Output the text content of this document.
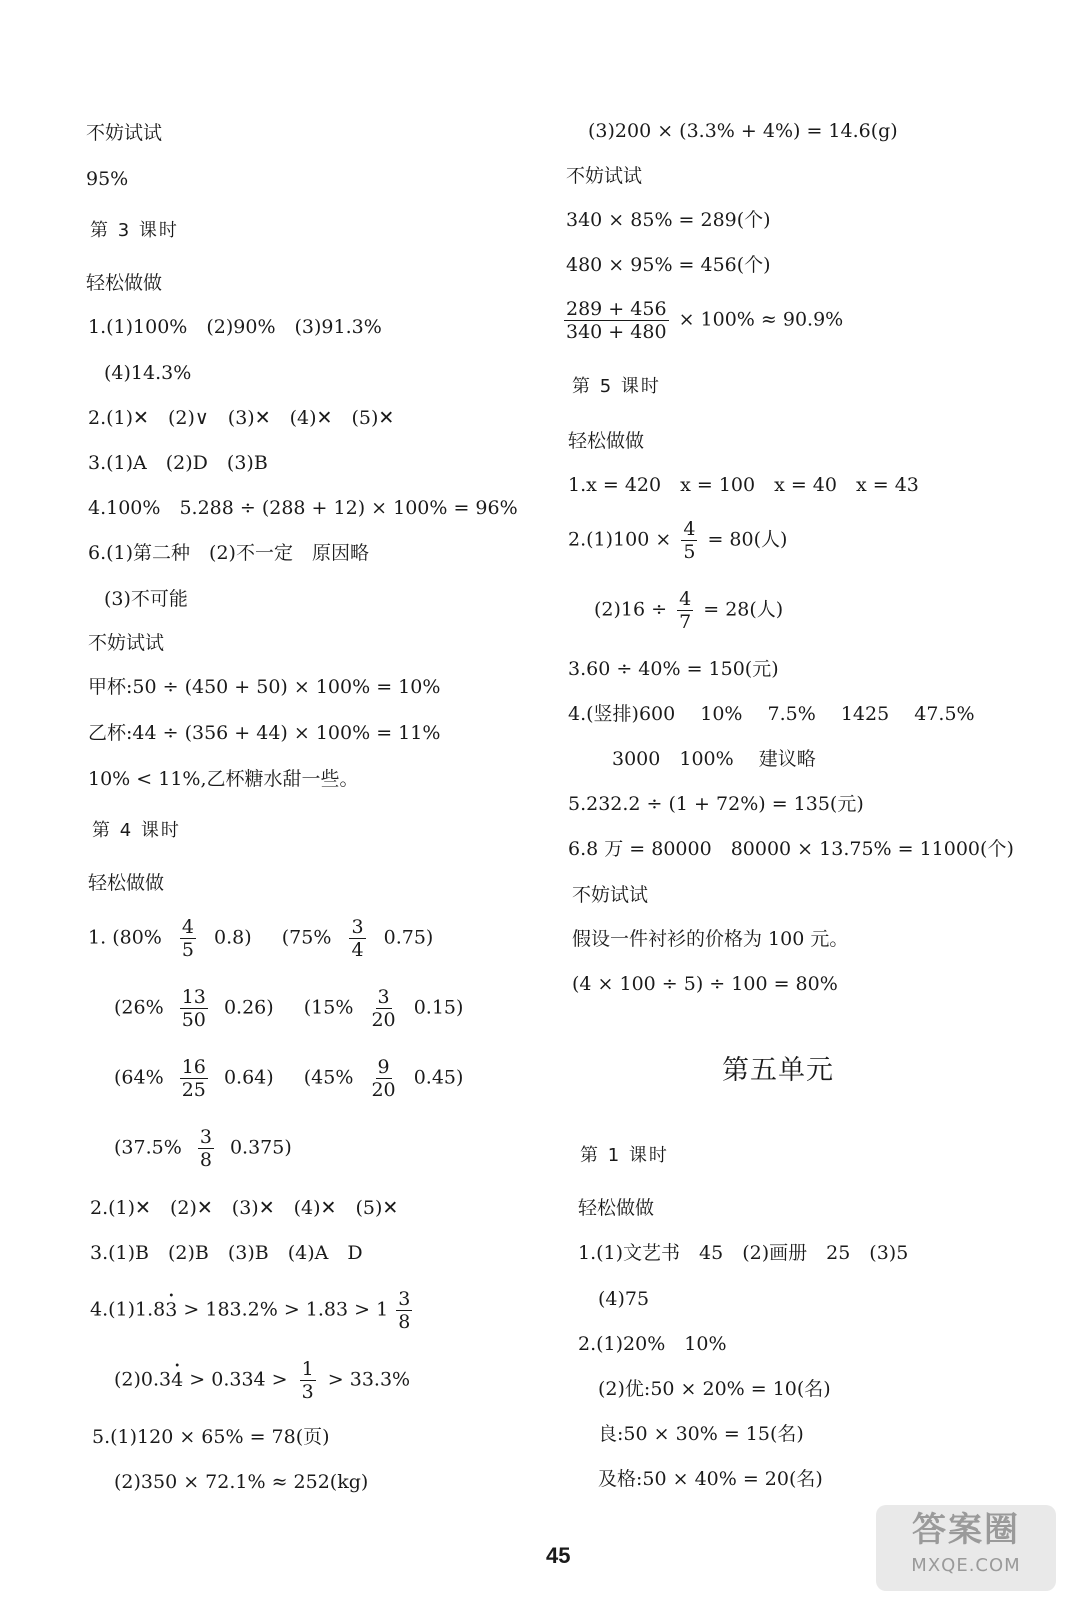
不妨试试
95%
第 3 课时
轻松做做
1.(1)100%　(2)90%　(3)91.3%
(4)14.3%
2.(1)✕　(2)∨　(3)✕　(4)✕　(5)✕
3.(1)A　(2)D　(3)B
4.100%　5.288 ÷ (288 + 12) × 100% = 96%
6.(1)第二种　(2)不一定　原因略
(3)不可能
不妨试试
甲杯:50 ÷ (450 + 50) × 100% = 10%
乙杯:44 ÷ (356 + 44) × 100% = 11%
10% < 11%,乙杯糖水甜一些。
第 4 课时
轻松做做
1. $(80\% \frac{4}{5} 0.8)$ $(75\% \frac{3}{4} 0.75)$
$(26\% \frac{13}{50} 0.26)$ $(15\% \frac{3}{20} 0.15)$
$(64\% \frac{16}{25} 0.64)$ $(45\% \frac{9}{20} 0.45)$
$(37.5\% \frac{3}{8} 0.375)$
2.(1)✕　(2)✕　(3)✕　(4)✕　(5)✕
3.(1)B　(2)B　(3)B　(4)A　D
4.(1)1.8• $3 > 183.2\% > 1.83 > 1 \frac{3}{8}$
(2)0.3• $4 > 0.334 > \frac{1}{3} > 33.3\%$
5.(1)120 × 65% = 78(页)
(2)350 × 72.1% ≈ 252(kg)
(3)200 × (3.3% + 4%) = 14.6(g)
不妨试试
340 × 85% = 289(个)
480 × 95% = 456(个)
$\frac{289 + 456}{340 + 480} \times 100\% \approx 90.9\%$
第 5 课时
轻松做做
1.x = 420　x = 100　x = 40　x = 43
$2.(1)100 \times \frac{4}{5} = 80$(人)
$(2)16 \div \frac{4}{7} = 28$(人)
3.60 ÷ 40% = 150(元)
4.(竖排)600　 10%　 7.5%　 1425　 47.5%
3000　100%　 建议略
5.232.2 ÷ (1 + 72%) = 135(元)
6.8 万 = 80000　80000 × 13.75% = 11000(个)
不妨试试
假设一件衬衫的价格为 100 元。
(4 × 100 ÷ 5) ÷ 100 = 80%
第五单元
第 1 课时
轻松做做
1.(1)文艺书　45　(2)画册　25　(3)5
(4)75
2.(1)20%　10%
(2)优:50 × 20% = 10(名)
良:50 × 30% = 15(名)
及格:50 × 40% = 20(名)
45
答案圈
MXQE.COM
